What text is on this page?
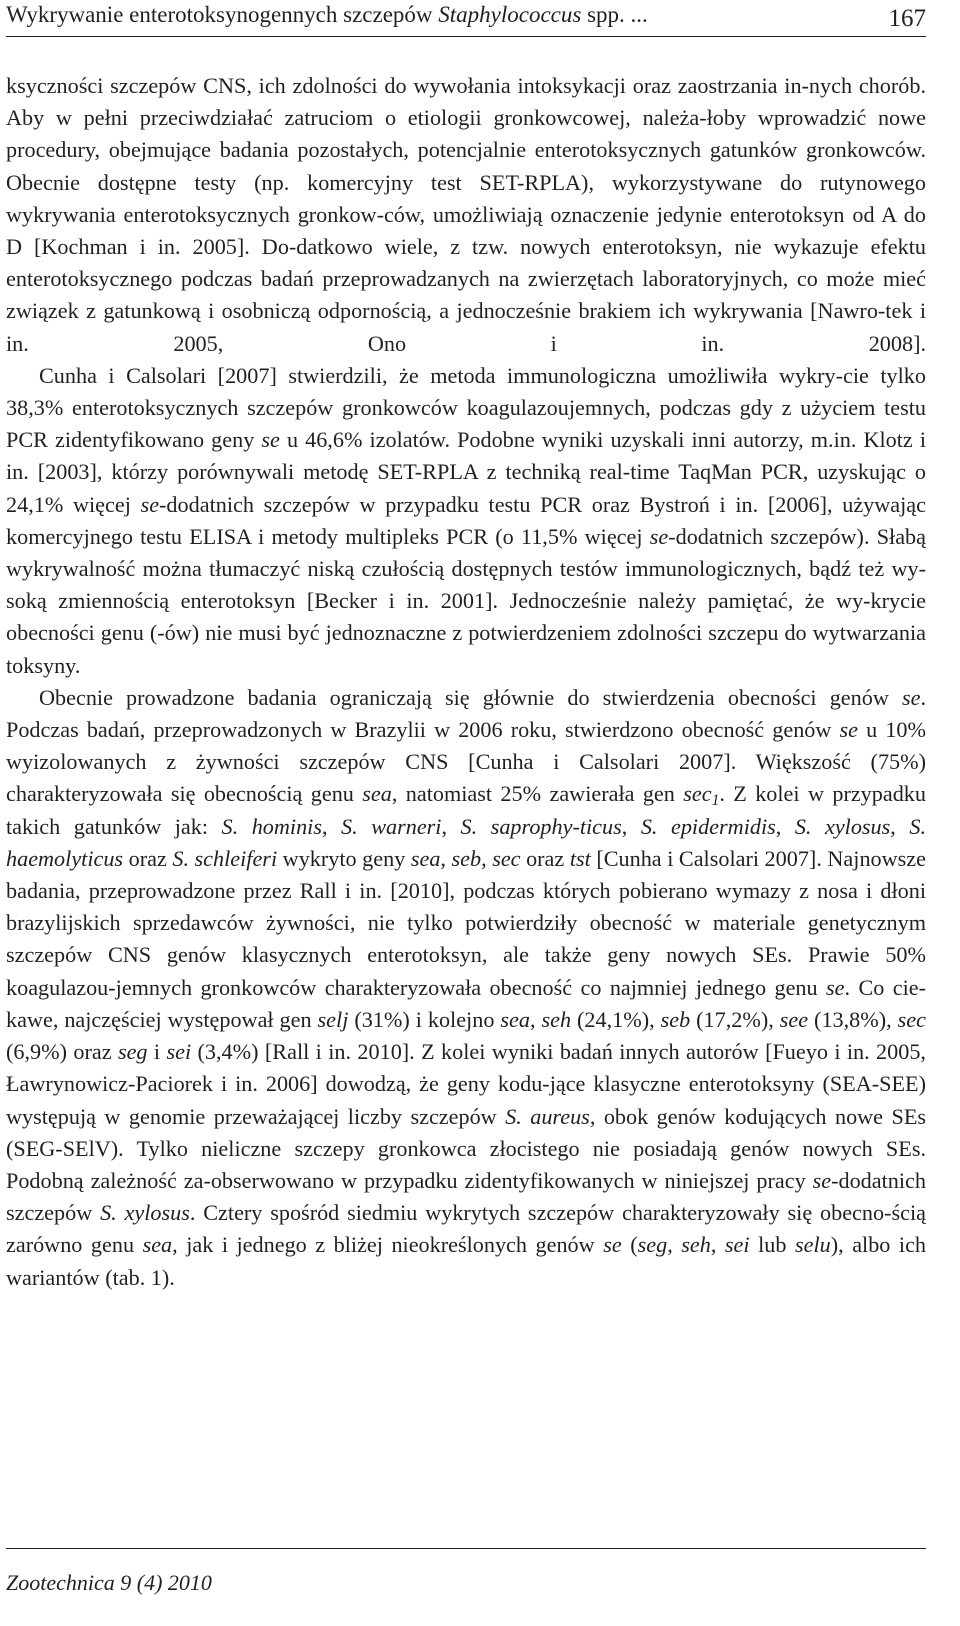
Wykrywanie enterotoksynogennych szczepów Staphylococcus spp. ...	167

ksyczności szczepów CNS, ich zdolności do wywołania intoksykacji oraz zaostrzania in-nych chorób. Aby w pełni przeciwdziałać zatruciom o etiologii gronkowcowej, należa-łoby wprowadzić nowe procedury, obejmujące badania pozostałych, potencjalnie enterotoksycznych gatunków gronkowców. Obecnie dostępne testy (np. komercyjny test SET-RPLA), wykorzystywane do rutynowego wykrywania enterotoksycznych gronkow-ców, umożliwiają oznaczenie jedynie enterotoksyn od A do D [Kochman i in. 2005]. Do-datkowo wiele, z tzw. nowych enterotoksyn, nie wykazuje efektu enterotoksycznego podczas badań przeprowadzanych na zwierzętach laboratoryjnych, co może mieć związek z gatunkową i osobniczą odpornością, a jednocześnie brakiem ich wykrywania [Nawro-tek i in. 2005, Ono i in. 2008].

Cunha i Calsolari [2007] stwierdzili, że metoda immunologiczna umożliwiła wykry-cie tylko 38,3% enterotoksycznych szczepów gronkowców koagulazoujemnych, podczas gdy z użyciem testu PCR zidentyfikowano geny se u 46,6% izolatów. Podobne wyniki uzyskali inni autorzy, m.in. Klotz i in. [2003], którzy porównywali metodę SET-RPLA z techniką real-time TaqMan PCR, uzyskując o 24,1% więcej se-dodatnich szczepów w przypadku testu PCR oraz Bystroń i in. [2006], używając komercyjnego testu ELISA i metody multipleks PCR (o 11,5% więcej se-dodatnich szczepów). Słabą wykrywalność można tłumaczyć niską czułością dostępnych testów immunologicznych, bądź też wy-soką zmiennością enterotoksyn [Becker i in. 2001]. Jednocześnie należy pamiętać, że wy-krycie obecności genu (-ów) nie musi być jednoznaczne z potwierdzeniem zdolności szczepu do wytwarzania toksyny.

Obecnie prowadzone badania ograniczają się głównie do stwierdzenia obecności genów se. Podczas badań, przeprowadzonych w Brazylii w 2006 roku, stwierdzono obecność genów se u 10% wyizolowanych z żywności szczepów CNS [Cunha i Calsolari 2007]. Większość (75%) charakteryzowała się obecnością genu sea, natomiast 25% zawierała gen $\sec_1$. Z kolei w przypadku takich gatunków jak: S. hominis, S. warneri, S. saprophy-ticus, S. epidermidis, S. xylosus, S. haemolyticus oraz S. schleiferi wykryto geny sea, seb, sec oraz tst [Cunha i Calsolari 2007]. Najnowsze badania, przeprowadzone przez Rall i in. [2010], podczas których pobierano wymazy z nosa i dłoni brazylijskich sprzedawców żywności, nie tylko potwierdziły obecność w materiale genetycznym szczepów CNS genów klasycznych enterotoksyn, ale także geny nowych SEs. Prawie 50% koagulazou-jemnych gronkowców charakteryzowała obecność co najmniej jednego genu se. Co cie-kawe, najczęściej występował gen selj (31%) i kolejno sea, seh (24,1%), seb (17,2%), see (13,8%), sec (6,9%) oraz seg i sei (3,4%) [Rall i in. 2010]. Z kolei wyniki badań innych autorów [Fueyo i in. 2005, Ławrynowicz-Paciorek i in. 2006] dowodzą, że geny kodu-jące klasyczne enterotoksyny (SEA-SEE) występują w genomie przeważającej liczby szczepów S. aureus, obok genów kodujących nowe SEs (SEG-SElV). Tylko nieliczne szczepy gronkowca złocistego nie posiadają genów nowych SEs. Podobną zależność za-obserwowano w przypadku zidentyfikowanych w niniejszej pracy se-dodatnich szczepów S. xylosus. Cztery spośród siedmiu wykrytych szczepów charakteryzowały się obecno-ścią zarówno genu sea, jak i jednego z bliżej nieokreślonych genów se (seg, seh, sei lub selu), albo ich wariantów (tab. 1).

Zootechnica 9 (4) 2010
